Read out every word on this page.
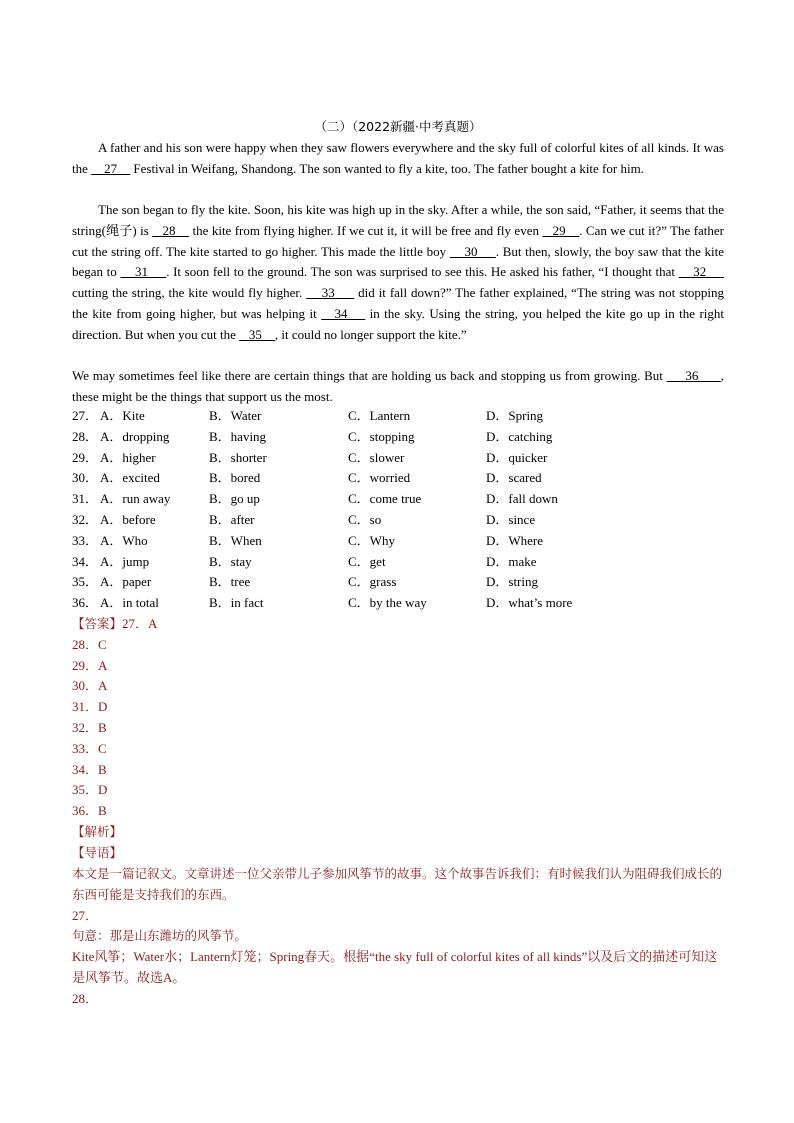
（二）（2022新疆·中考真题）
A father and his son were happy when they saw flowers everywhere and the sky full of colorful kites of all kinds. It was the     27     Festival in Weifang, Shandong. The son wanted to fly a kite, too. The father bought a kite for him.
The son began to fly the kite. Soon, his kite was high up in the sky. After a while, the son said, “Father, it seems that the string(绳子) is    28     the kite from flying higher. If we cut it, it will be free and fly even    29    . Can we cut it?” The father cut the string off. The kite started to go higher. This made the little boy     30     . But then, slowly, the boy saw that the kite began to     31     . It soon fell to the ground. The son was surprised to see this. He asked his father, “I thought that     32      cutting the string, the kite would fly higher.     33      did it fall down?” The father explained, “The string was not stopping the kite from going higher, but was helping it    34     in the sky. Using the string, you helped the kite go up in the right direction. But when you cut the    35    , it could no longer support the kite.”
We may sometimes feel like there are certain things that are holding us back and stopping us from growing. But      36      , these might be the things that support us the most.
27． A．Kite	B．Water	C．Lantern	D．Spring
28． A．dropping	B．having	C．stopping	D．catching
29． A．higher	B．shorter	C．slower	D．quicker
30． A．excited	B．bored	C．worried	D．scared
31． A．run away	B．go up	C．come true	D．fall down
32． A．before	B．after	C．so	D．since
33． A．Who	B．When	C．Why	D．Where
34． A．jump	B．stay	C．get	D．make
35． A．paper	B．tree	C．grass	D．string
36． A．in total	B．in fact	C．by the way	D．what’s more
【答案】27．A
28．C
29．A
30．A
31．D
32．B
33．C
34．B
35．D
36．B
【解析】
【导语】

本文是一篇记叙文。文章讲述一位父亲带儿子参加风筝节的故事。这个故事告诉我们：有时候我们认为阻碍我们成长的东西可能是支持我们的东西。

27．

句意：那是山东潍坊的风筝节。

Kite风筝；Water水；Lantern灯笼；Spring春天。根据“the sky full of colorful kites of all kinds”以及后文的描述可知这是风筝节。故选A。

28．
